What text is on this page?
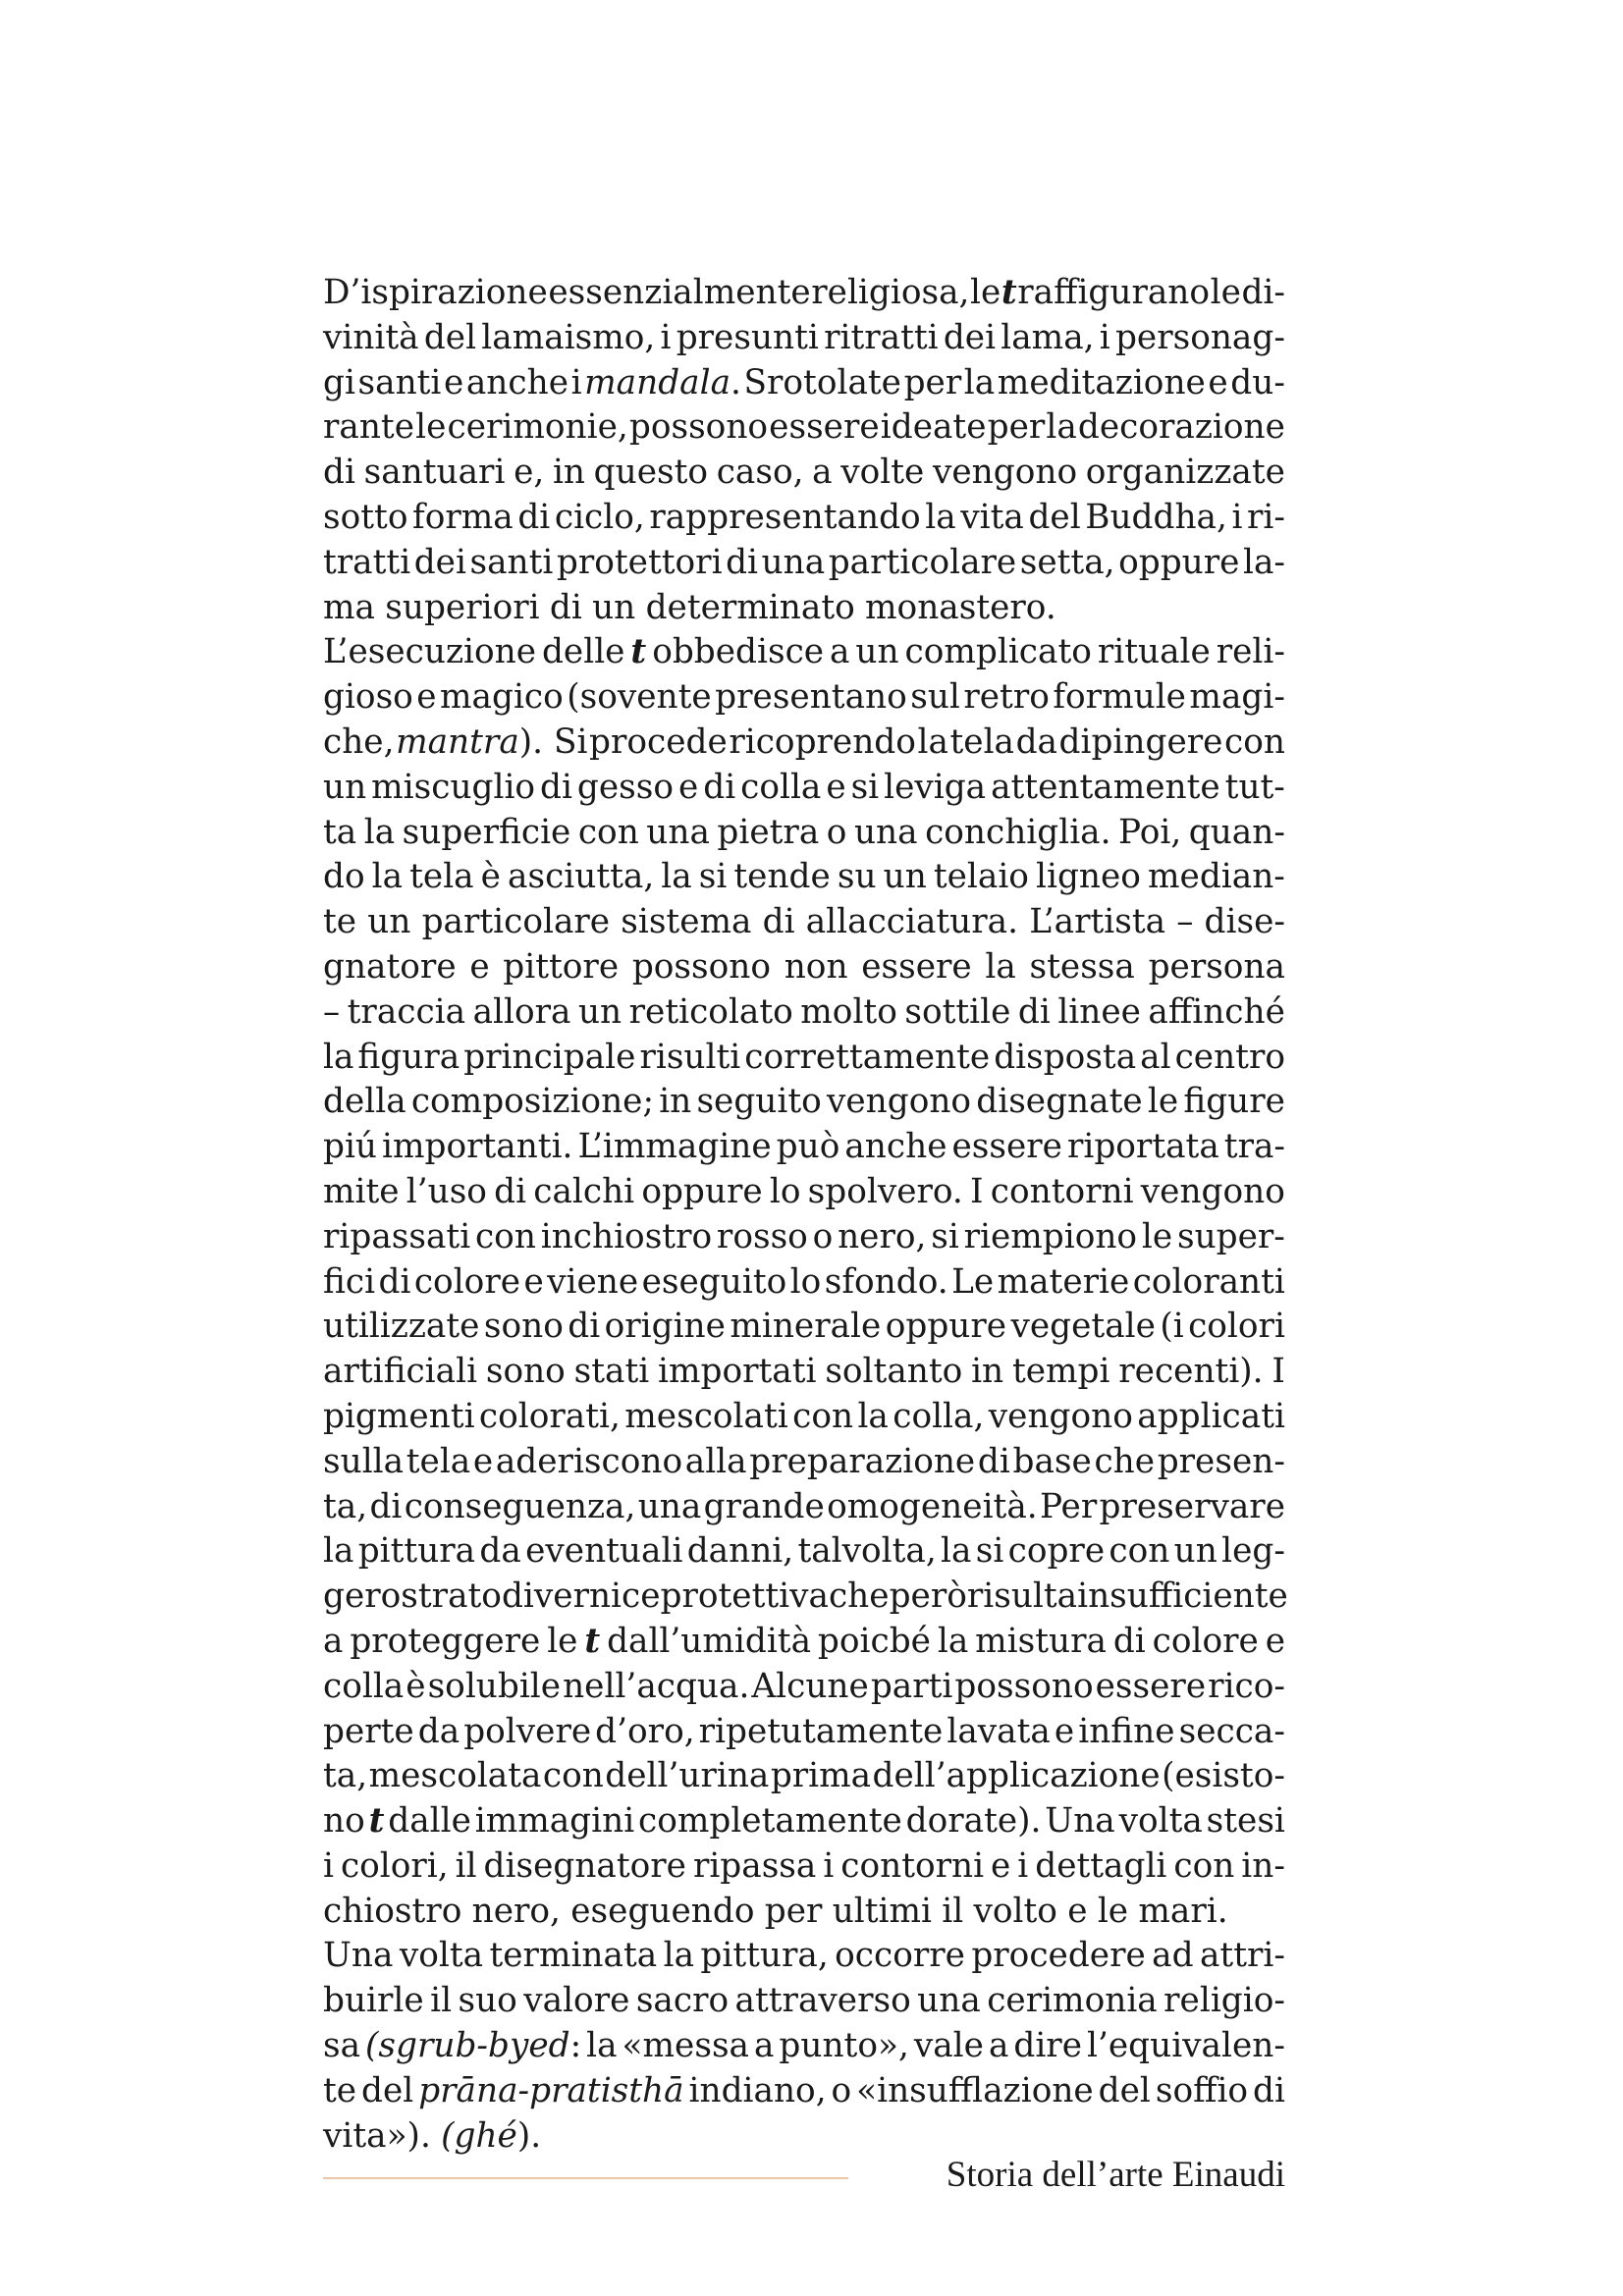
D’ispirazione essenzialmente religiosa, le t raffigurano le di-
vinità del lamaismo, i presunti ritratti dei lama, i personag-
gi santi e anche i mandala. Srotolate per la meditazione e du-
rante le cerimonie, possono essere ideate per la decorazione
di santuari e, in questo caso, a volte vengono organizzate
sotto forma di ciclo, rappresentando la vita del Buddha, i ri-
tratti dei santi protettori di una particolare setta, oppure la-
ma superiori di un determinato monastero.
L’esecuzione delle t obbedisce a un complicato rituale reli-
gioso e magico (sovente presentano sul retro formule magi-
che, mantra). Si procede ricoprendo la tela da dipingere con
un miscuglio di gesso e di colla e si leviga attentamente tut-
ta la superficie con una pietra o una conchiglia. Poi, quan-
do la tela è asciutta, la si tende su un telaio ligneo median-
te un particolare sistema di allacciatura. L’artista – dise-
gnatore e pittore possono non essere la stessa persona
– traccia allora un reticolato molto sottile di linee affinché
la figura principale risulti correttamente disposta al centro
della composizione; in seguito vengono disegnate le figure
piú importanti. L’immagine può anche essere riportata tra-
mite l’uso di calchi oppure lo spolvero. I contorni vengono
ripassati con inchiostro rosso o nero, si riempiono le super-
fici di colore e viene eseguito lo sfondo. Le materie coloranti
utilizzate sono di origine minerale oppure vegetale (i colori
artificiali sono stati importati soltanto in tempi recenti). I
pigmenti colorati, mescolati con la colla, vengono applicati
sulla tela e aderiscono alla preparazione di base che presen-
ta, di conseguenza, una grande omogeneità. Per preservare
la pittura da eventuali danni, talvolta, la si copre con un leg-
gero strato di vernice protettiva che però risulta insufficiente
a proteggere le t dall’umidità poicbé la mistura di colore e
colla è solubile nell’acqua. Alcune parti possono essere rico-
perte da polvere d’oro, ripetutamente lavata e infine secca-
ta, mescolata con dell’urina prima dell’applicazione (esisto-
no t dalle immagini completamente dorate). Una volta stesi
i colori, il disegnatore ripassa i contorni e i dettagli con in-
chiostro nero, eseguendo per ultimi il volto e le mari.
Una volta terminata la pittura, occorre procedere ad attri-
buirle il suo valore sacro attraverso una cerimonia religio-
sa (sgrub-byed: la «messa a punto», vale a dire l’equivalen-
te del prāna-pratisthā indiano, o «insufflazione del soffio di
vita»). (ghé).
Storia dell’arte Einaudi
